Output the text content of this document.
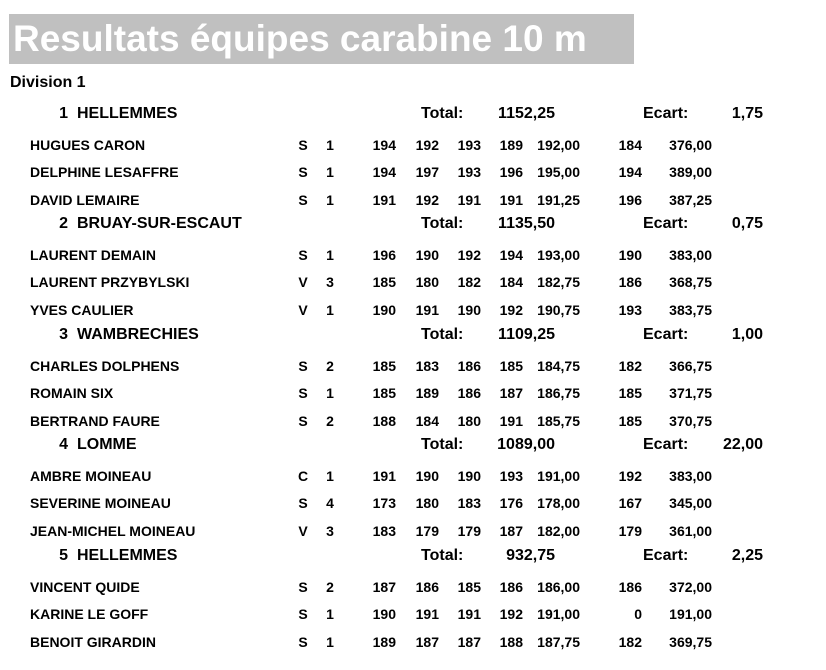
Resultats équipes carabine 10 m
Division 1
1 HELLEMMES	Total:	1152,25	Ecart:	1,75
HUGUES CARON	S 1	194	192	193	189	192,00	184	376,00
DELPHINE LESAFFRE	S 1	194	197	193	196	195,00	194	389,00
DAVID LEMAIRE	S 1	191	192	191	191	191,25	196	387,25
2 BRUAY-SUR-ESCAUT	Total:	1135,50	Ecart:	0,75
LAURENT DEMAIN	S 1	196	190	192	194	193,00	190	383,00
LAURENT PRZYBYLSKI	V 3	185	180	182	184	182,75	186	368,75
YVES CAULIER	V 1	190	191	190	192	190,75	193	383,75
3 WAMBRECHIES	Total:	1109,25	Ecart:	1,00
CHARLES DOLPHENS	S 2	185	183	186	185	184,75	182	366,75
ROMAIN SIX	S 1	185	189	186	187	186,75	185	371,75
BERTRAND FAURE	S 2	188	184	180	191	185,75	185	370,75
4 LOMME	Total:	1089,00	Ecart:	22,00
AMBRE MOINEAU	C 1	191	190	190	193	191,00	192	383,00
SEVERINE MOINEAU	S 4	173	180	183	176	178,00	167	345,00
JEAN-MICHEL MOINEAU	V 3	183	179	179	187	182,00	179	361,00
5 HELLEMMES	Total:	932,75	Ecart:	2,25
VINCENT QUIDE	S 2	187	186	185	186	186,00	186	372,00
KARINE LE GOFF	S 1	190	191	191	192	191,00	0	191,00
BENOIT GIRARDIN	S 1	189	187	187	188	187,75	182	369,75
